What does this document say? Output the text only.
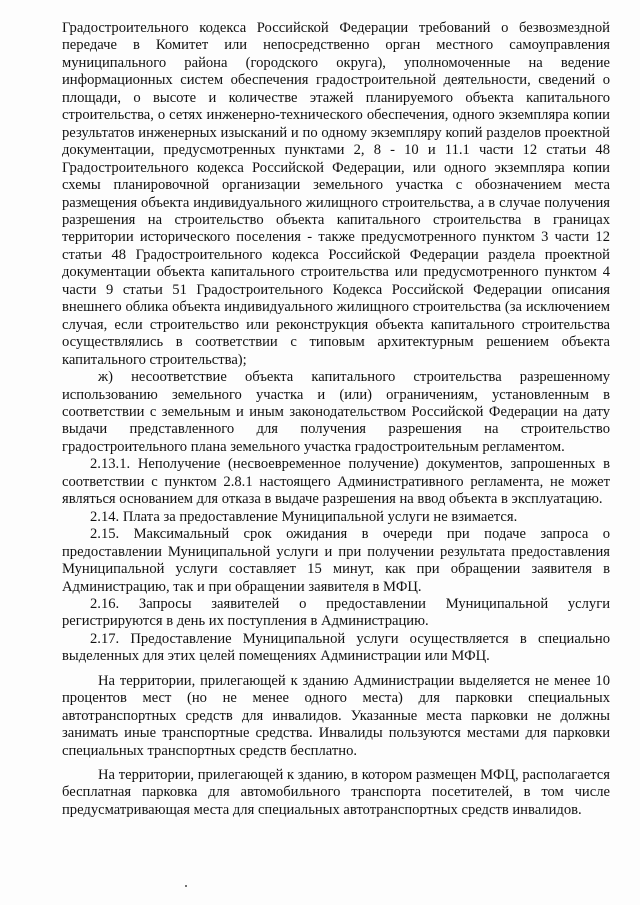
Градостроительного кодекса Российской Федерации требований о безвозмездной передаче в Комитет или непосредственно орган местного самоуправления муниципального района (городского округа), уполномоченные на ведение информационных систем обеспечения градостроительной деятельности, сведений о площади, о высоте и количестве этажей планируемого объекта капитального строительства, о сетях инженерно-технического обеспечения, одного экземпляра копии результатов инженерных изысканий и по одному экземпляру копий разделов проектной документации, предусмотренных пунктами 2, 8 - 10 и 11.1 части 12 статьи 48 Градостроительного кодекса Российской Федерации, или одного экземпляра копии схемы планировочной организации земельного участка с обозначением места размещения объекта индивидуального жилищного строительства, а в случае получения разрешения на строительство объекта капитального строительства в границах территории исторического поселения - также предусмотренного пунктом 3 части 12 статьи 48 Градостроительного кодекса Российской Федерации раздела проектной документации объекта капитального строительства или предусмотренного пунктом 4 части 9 статьи 51 Градостроительного Кодекса Российской Федерации описания внешнего облика объекта индивидуального жилищного строительства (за исключением случая, если строительство или реконструкция объекта капитального строительства осуществлялись в соответствии с типовым архитектурным решением объекта капитального строительства);

ж) несоответствие объекта капитального строительства разрешенному использованию земельного участка и (или) ограничениям, установленным в соответствии с земельным и иным законодательством Российской Федерации на дату выдачи представленного для получения разрешения на строительство градостроительного плана земельного участка градостроительным регламентом.

2.13.1. Неполучение (несвоевременное получение) документов, запрошенных в соответствии с пунктом 2.8.1 настоящего Административного регламента, не может являться основанием для отказа в выдаче разрешения на ввод объекта в эксплуатацию.

2.14. Плата за предоставление Муниципальной услуги не взимается.

2.15. Максимальный срок ожидания в очереди при подаче запроса о предоставлении Муниципальной услуги и при получении результата предоставления Муниципальной услуги составляет 15 минут, как при обращении заявителя в Администрацию, так и при обращении заявителя в МФЦ.

2.16. Запросы заявителей о предоставлении Муниципальной услуги регистрируются в день их поступления в Администрацию.

2.17. Предоставление Муниципальной услуги осуществляется в специально выделенных для этих целей помещениях Администрации или МФЦ.

На территории, прилегающей к зданию Администрации выделяется не менее 10 процентов мест (но не менее одного места) для парковки специальных автотранспортных средств для инвалидов. Указанные места парковки не должны занимать иные транспортные средства. Инвалиды пользуются местами для парковки специальных транспортных средств бесплатно.

На территории, прилегающей к зданию, в котором размещен МФЦ, располагается бесплатная парковка для автомобильного транспорта посетителей, в том числе предусматривающая места для специальных автотранспортных средств инвалидов.
